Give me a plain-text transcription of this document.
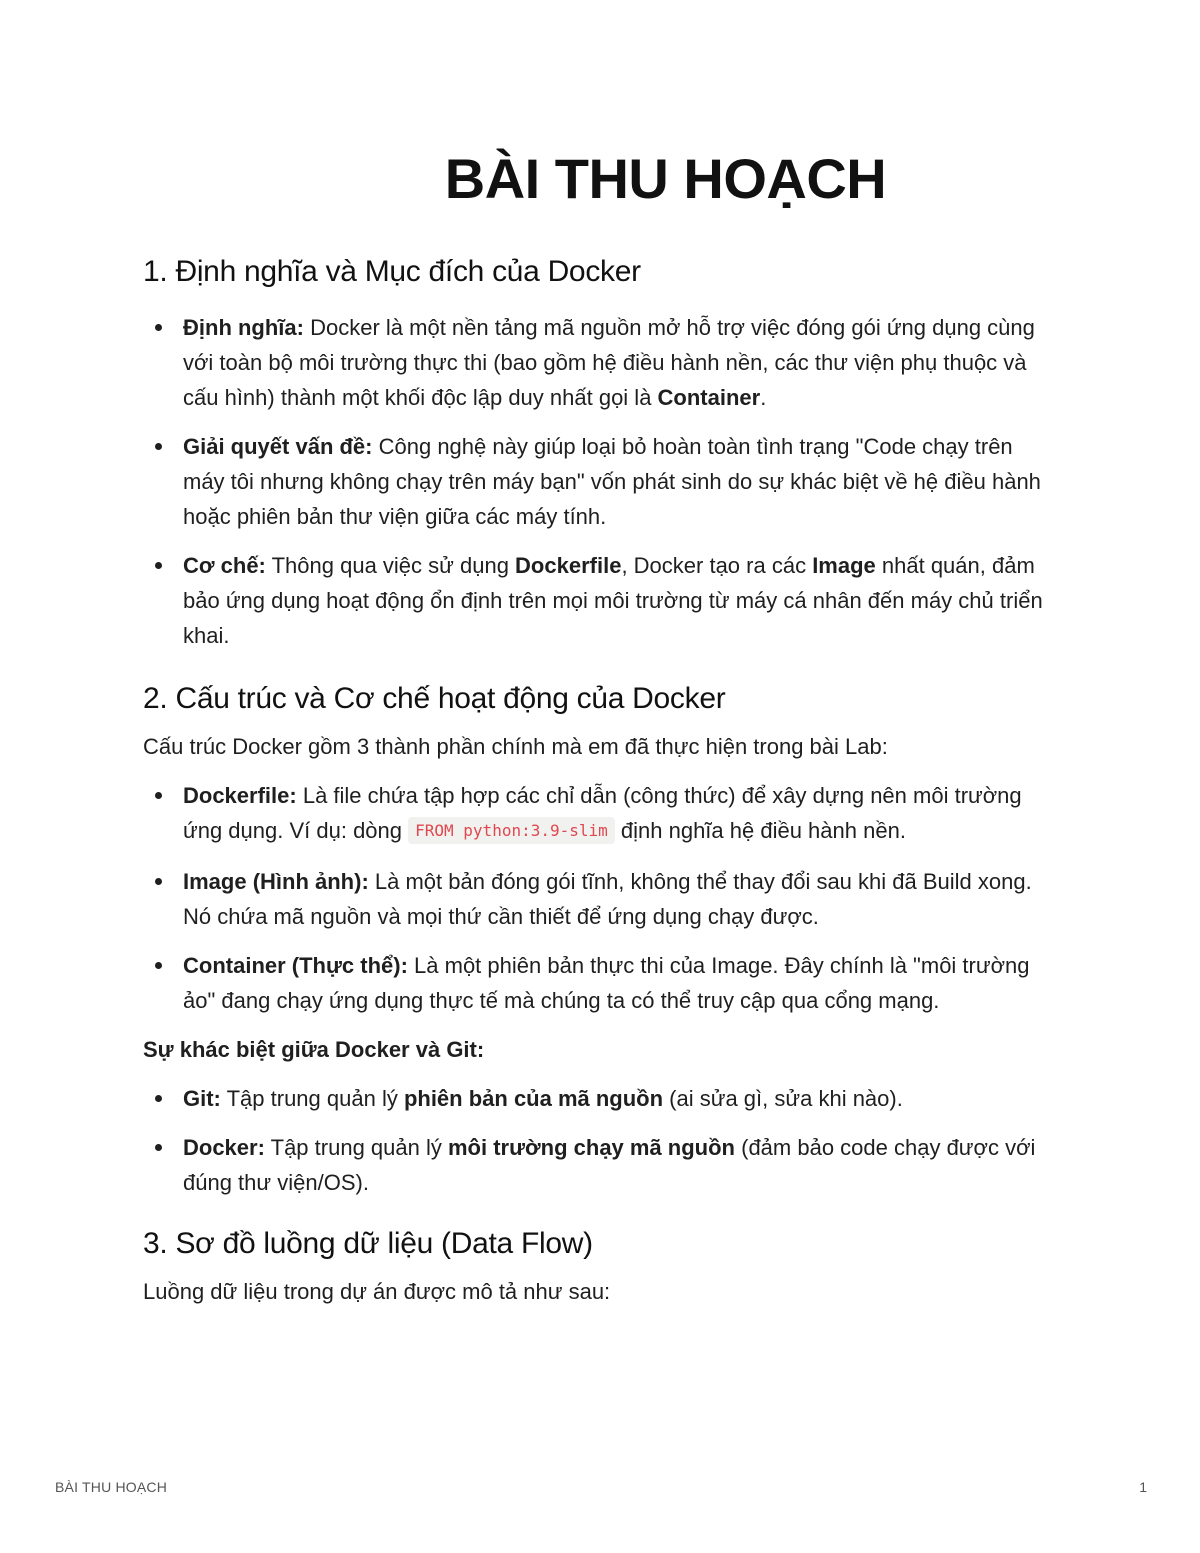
BÀI THU HOẠCH
1. Định nghĩa và Mục đích của Docker
Định nghĩa: Docker là một nền tảng mã nguồn mở hỗ trợ việc đóng gói ứng dụng cùng với toàn bộ môi trường thực thi (bao gồm hệ điều hành nền, các thư viện phụ thuộc và cấu hình) thành một khối độc lập duy nhất gọi là Container.
Giải quyết vấn đề: Công nghệ này giúp loại bỏ hoàn toàn tình trạng "Code chạy trên máy tôi nhưng không chạy trên máy bạn" vốn phát sinh do sự khác biệt về hệ điều hành hoặc phiên bản thư viện giữa các máy tính.
Cơ chế: Thông qua việc sử dụng Dockerfile, Docker tạo ra các Image nhất quán, đảm bảo ứng dụng hoạt động ổn định trên mọi môi trường từ máy cá nhân đến máy chủ triển khai.
2. Cấu trúc và Cơ chế hoạt động của Docker

Cấu trúc Docker gồm 3 thành phần chính mà em đã thực hiện trong bài Lab:

Dockerfile: Là file chứa tập hợp các chỉ dẫn (công thức) để xây dựng nên môi trường ứng dụng. Ví dụ: dòng FROM python:3.9-slim định nghĩa hệ điều hành nền.
Image (Hình ảnh): Là một bản đóng gói tĩnh, không thể thay đổi sau khi đã Build xong. Nó chứa mã nguồn và mọi thứ cần thiết để ứng dụng chạy được.
Container (Thực thể): Là một phiên bản thực thi của Image. Đây chính là "môi trường ảo" đang chạy ứng dụng thực tế mà chúng ta có thể truy cập qua cổng mạng.

Sự khác biệt giữa Docker và Git:

Git: Tập trung quản lý phiên bản của mã nguồn (ai sửa gì, sửa khi nào).
Docker: Tập trung quản lý môi trường chạy mã nguồn (đảm bảo code chạy được với đúng thư viện/OS).
3. Sơ đồ luồng dữ liệu (Data Flow)

Luồng dữ liệu trong dự án được mô tả như sau:

BÀI THU HOẠCH	1
